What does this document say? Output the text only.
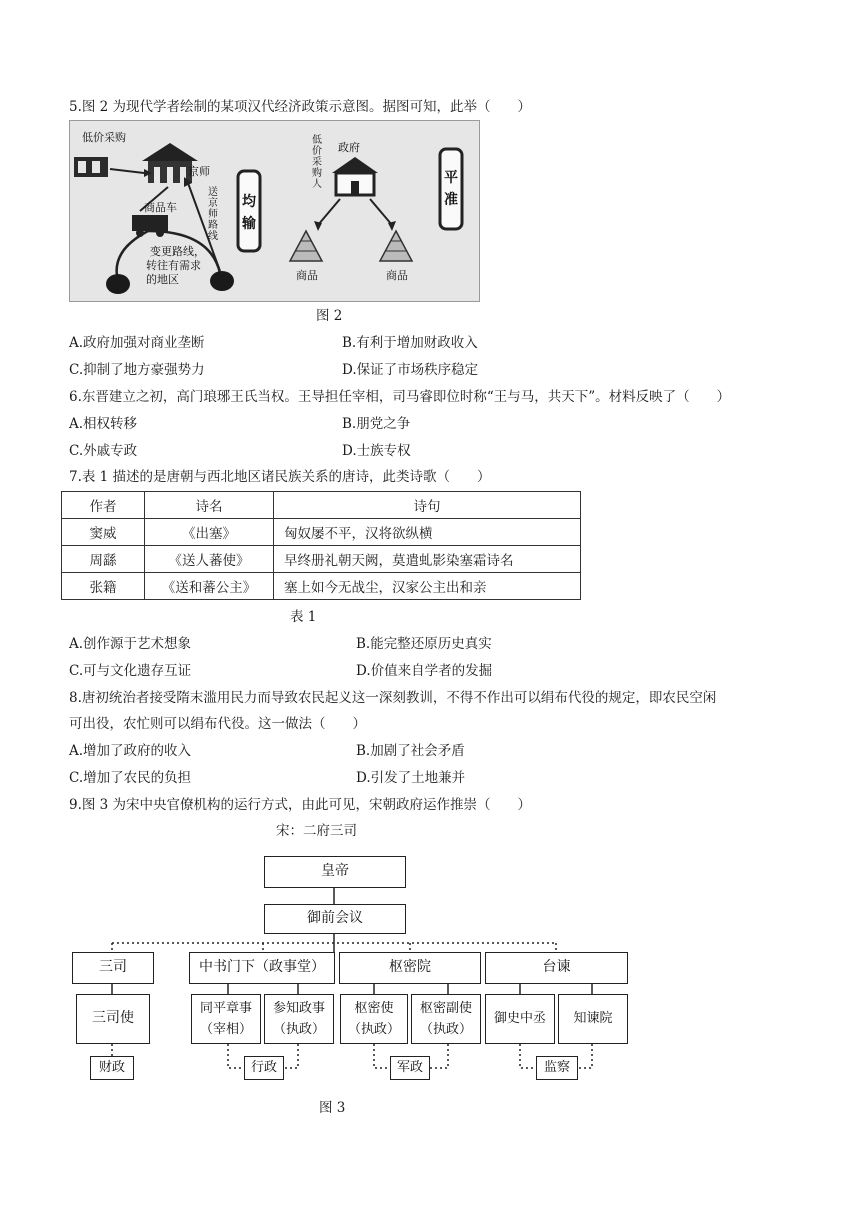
5.图 2 为现代学者绘制的某项汉代经济政策示意图。据图可知，此举（　　）
低价采购
京师
商品车
变更路线，
转往有需求
的地区
送京师路线
均输
政府
低价采购人
商品	商品
平准
图 2
A.政府加强对商业垄断	B.有利于增加财政收入
C.抑制了地方豪强势力	D.保证了市场秩序稳定
6.东晋建立之初，高门琅琊王氏当权。王导担任宰相，司马睿即位时称“王与马，共天下”。材料反映了（　　）
A.相权转移	B.朋党之争
C.外戚专政	D.士族专权
7.表 1 描述的是唐朝与西北地区诸民族关系的唐诗，此类诗歌（　　）
作者	诗名	诗句
窦威	《出塞》	匈奴屡不平，汉将欲纵横
周繇	《送人蕃使》	早终册礼朝天阙，莫遣虬影染塞霜诗名
张籍	《送和蕃公主》	塞上如今无战尘，汉家公主出和亲
表 1
A.创作源于艺术想象	B.能完整还原历史真实
C.可与文化遗存互证	D.价值来自学者的发掘
8.唐初统治者接受隋末滥用民力而导致农民起义这一深刻教训，不得不作出可以绢布代役的规定，即农民空闲
可出役，农忙则可以绢布代役。这一做法（　　）
A.增加了政府的收入	B.加剧了社会矛盾
C.增加了农民的负担	D.引发了土地兼并
9.图 3 为宋中央官僚机构的运行方式，由此可见，宋朝政府运作推崇（　　）
宋：二府三司
皇帝
御前会议
三司	中书门下（政事堂）	枢密院	台谏
三司使
同平章事
（宰相）
参知政事
（执政）
枢密使
（执政）
枢密副使
（执政）
御史中丞	知谏院
财政	行政	军政	监察
图 3
